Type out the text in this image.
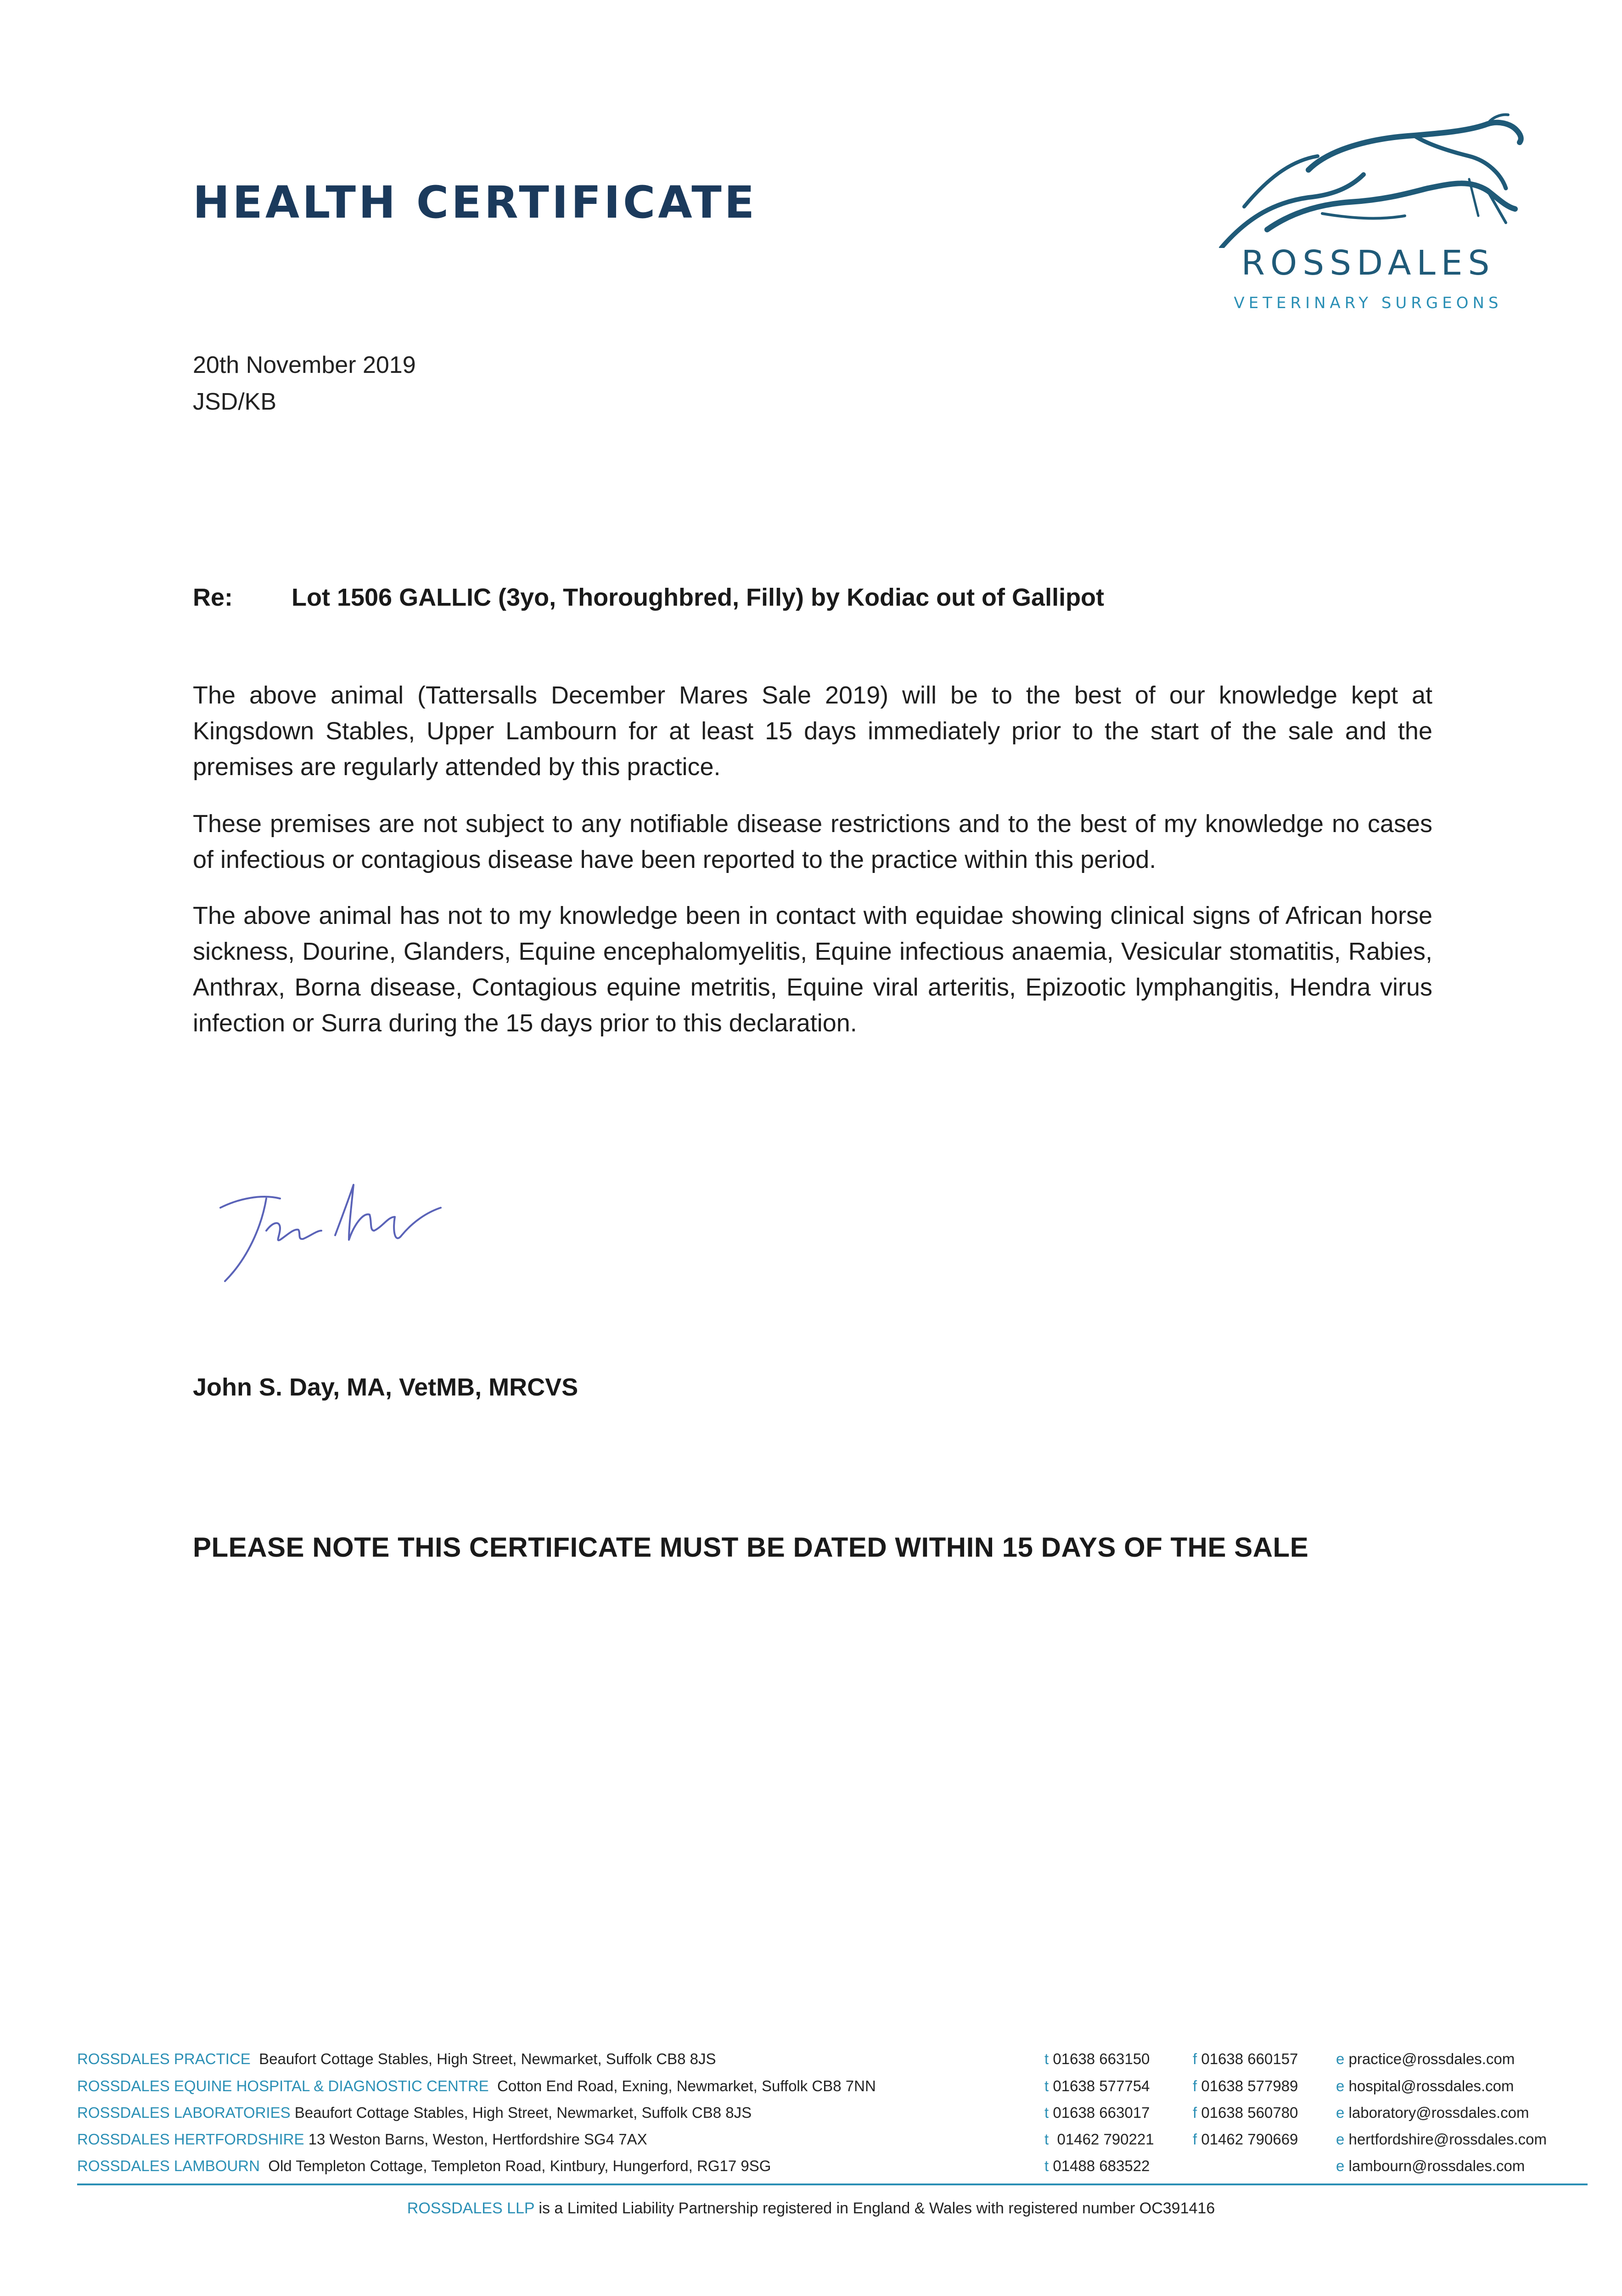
HEALTH CERTIFICATE
ROSSDALES
VETERINARY SURGEONS
20th November 2019
JSD/KB
Re: Lot 1506 GALLIC (3yo, Thoroughbred, Filly) by Kodiac out of Gallipot
The above animal (Tattersalls December Mares Sale 2019) will be to the best of our knowledge kept at Kingsdown Stables, Upper Lambourn for at least 15 days immediately prior to the start of the sale and the premises are regularly attended by this practice.
These premises are not subject to any notifiable disease restrictions and to the best of my knowledge no cases of infectious or contagious disease have been reported to the practice within this period.
The above animal has not to my knowledge been in contact with equidae showing clinical signs of African horse sickness, Dourine, Glanders, Equine encephalomyelitis, Equine infectious anaemia, Vesicular stomatitis, Rabies, Anthrax, Borna disease, Contagious equine metritis, Equine viral arteritis, Epizootic lymphangitis, Hendra virus infection or Surra during the 15 days prior to this declaration.
John S. Day, MA, VetMB, MRCVS
PLEASE NOTE THIS CERTIFICATE MUST BE DATED WITHIN 15 DAYS OF THE SALE
ROSSDALES PRACTICE Beaufort Cottage Stables, High Street, Newmarket, Suffolk CB8 8JS	t 01638 663150	f 01638 660157	e practice@rossdales.com
ROSSDALES EQUINE HOSPITAL & DIAGNOSTIC CENTRE Cotton End Road, Exning, Newmarket, Suffolk CB8 7NN	t 01638 577754	f 01638 577989	e hospital@rossdales.com
ROSSDALES LABORATORIES Beaufort Cottage Stables, High Street, Newmarket, Suffolk CB8 8JS	t 01638 663017	f 01638 560780	e laboratory@rossdales.com
ROSSDALES HERTFORDSHIRE 13 Weston Barns, Weston, Hertfordshire SG4 7AX	t 01462 790221	f 01462 790669	e hertfordshire@rossdales.com
ROSSDALES LAMBOURN Old Templeton Cottage, Templeton Road, Kintbury, Hungerford, RG17 9SG	t 01488 683522	e lambourn@rossdales.com
ROSSDALES LLP is a Limited Liability Partnership registered in England & Wales with registered number OC391416
